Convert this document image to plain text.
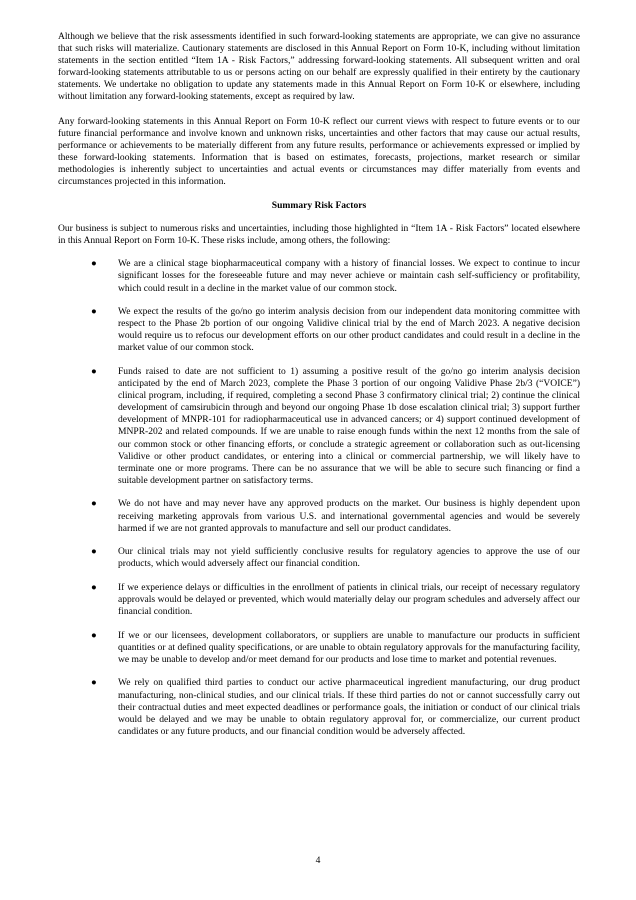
Although we believe that the risk assessments identified in such forward-looking statements are appropriate, we can give no assurance that such risks will materialize. Cautionary statements are disclosed in this Annual Report on Form 10-K, including without limitation statements in the section entitled “Item 1A - Risk Factors,” addressing forward-looking statements. All subsequent written and oral forward-looking statements attributable to us or persons acting on our behalf are expressly qualified in their entirety by the cautionary statements. We undertake no obligation to update any statements made in this Annual Report on Form 10-K or elsewhere, including without limitation any forward-looking statements, except as required by law.

Any forward-looking statements in this Annual Report on Form 10-K reflect our current views with respect to future events or to our future financial performance and involve known and unknown risks, uncertainties and other factors that may cause our actual results, performance or achievements to be materially different from any future results, performance or achievements expressed or implied by these forward-looking statements. Information that is based on estimates, forecasts, projections, market research or similar methodologies is inherently subject to uncertainties and actual events or circumstances may differ materially from events and circumstances projected in this information.

Summary Risk Factors

Our business is subject to numerous risks and uncertainties, including those highlighted in “Item 1A - Risk Factors” located elsewhere in this Annual Report on Form 10-K. These risks include, among others, the following:

● We are a clinical stage biopharmaceutical company with a history of financial losses. We expect to continue to incur significant losses for the foreseeable future and may never achieve or maintain cash self-sufficiency or profitability, which could result in a decline in the market value of our common stock.
● We expect the results of the go/no go interim analysis decision from our independent data monitoring committee with respect to the Phase 2b portion of our ongoing Validive clinical trial by the end of March 2023. A negative decision would require us to refocus our development efforts on our other product candidates and could result in a decline in the market value of our common stock.
● Funds raised to date are not sufficient to 1) assuming a positive result of the go/no go interim analysis decision anticipated by the end of March 2023, complete the Phase 3 portion of our ongoing Validive Phase 2b/3 (“VOICE”) clinical program, including, if required, completing a second Phase 3 confirmatory clinical trial; 2) continue the clinical development of camsirubicin through and beyond our ongoing Phase 1b dose escalation clinical trial; 3) support further development of MNPR-101 for radiopharmaceutical use in advanced cancers; or 4) support continued development of MNPR-202 and related compounds. If we are unable to raise enough funds within the next 12 months from the sale of our common stock or other financing efforts, or conclude a strategic agreement or collaboration such as out-licensing Validive or other product candidates, or entering into a clinical or commercial partnership, we will likely have to terminate one or more programs. There can be no assurance that we will be able to secure such financing or find a suitable development partner on satisfactory terms.
● We do not have and may never have any approved products on the market. Our business is highly dependent upon receiving marketing approvals from various U.S. and international governmental agencies and would be severely harmed if we are not granted approvals to manufacture and sell our product candidates.
● Our clinical trials may not yield sufficiently conclusive results for regulatory agencies to approve the use of our products, which would adversely affect our financial condition.
● If we experience delays or difficulties in the enrollment of patients in clinical trials, our receipt of necessary regulatory approvals would be delayed or prevented, which would materially delay our program schedules and adversely affect our financial condition.
● If we or our licensees, development collaborators, or suppliers are unable to manufacture our products in sufficient quantities or at defined quality specifications, or are unable to obtain regulatory approvals for the manufacturing facility, we may be unable to develop and/or meet demand for our products and lose time to market and potential revenues.
● We rely on qualified third parties to conduct our active pharmaceutical ingredient manufacturing, our drug product manufacturing, non-clinical studies, and our clinical trials. If these third parties do not or cannot successfully carry out their contractual duties and meet expected deadlines or performance goals, the initiation or conduct of our clinical trials would be delayed and we may be unable to obtain regulatory approval for, or commercialize, our current product candidates or any future products, and our financial condition would be adversely affected.
4
